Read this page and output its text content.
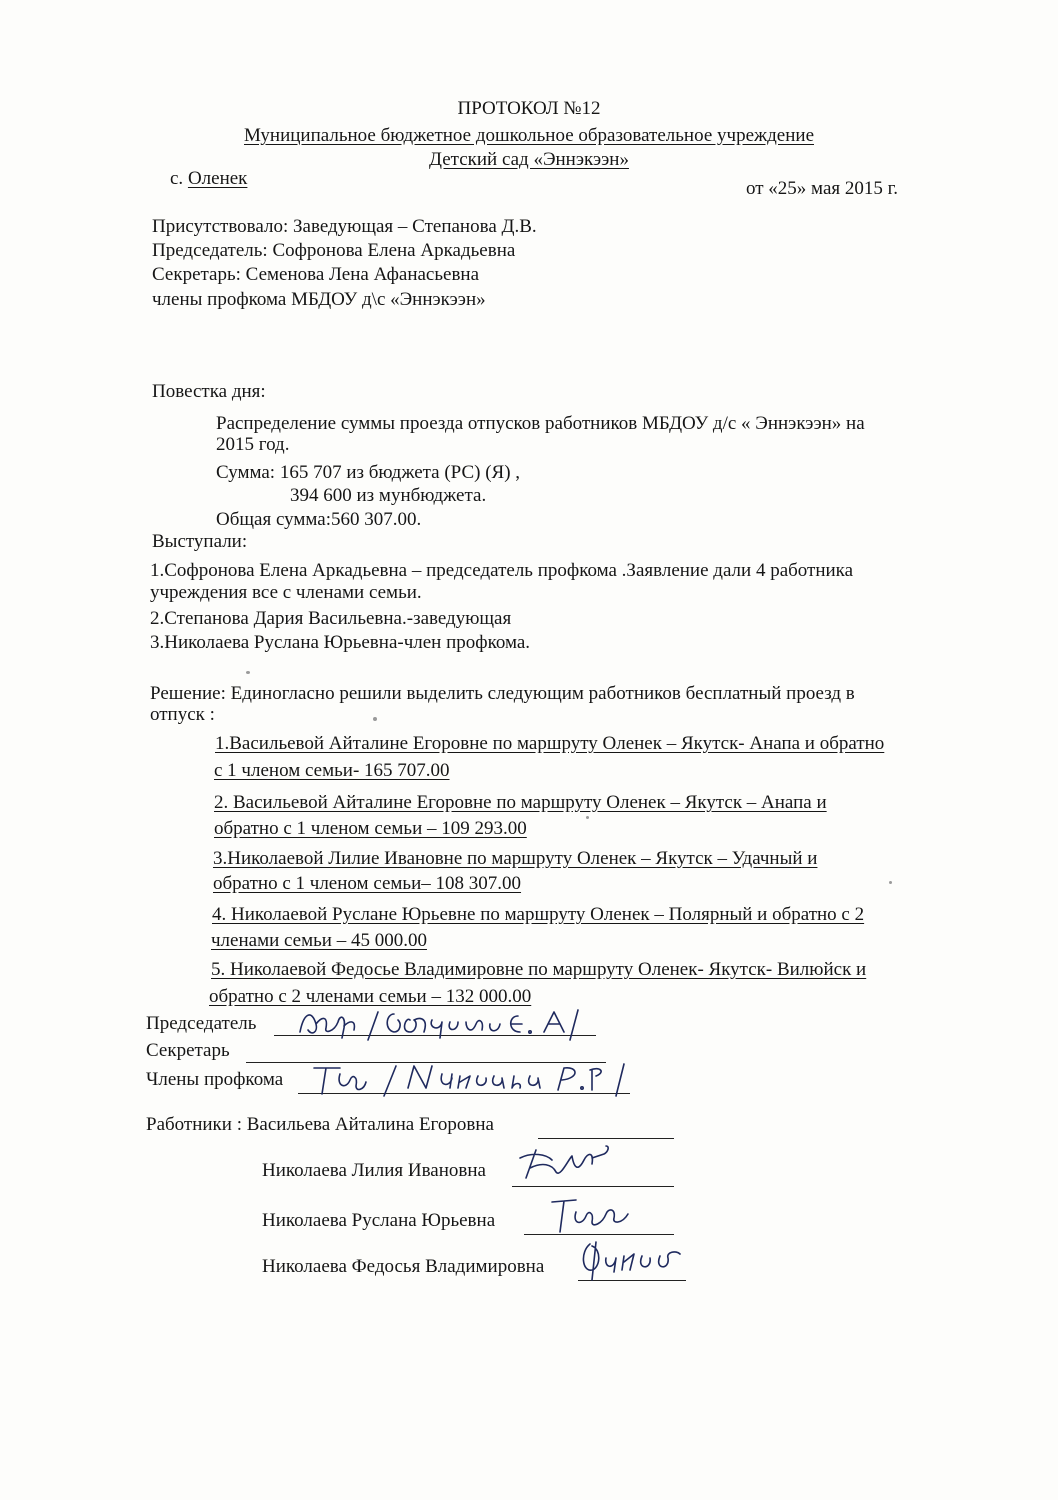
ПРОТОКОЛ №12
Муниципальное бюджетное дошкольное образовательное учреждение
Детский сад «Эннэкээн»
с. Оленек	от «25» мая 2015 г.
Присутствовало: Заведующая – Степанова Д.В.
Председатель: Софронова Елена Аркадьевна
Секретарь: Семенова Лена Афанасьевна
члены профкома МБДОУ д\с «Эннэкээн»
Повестка дня:
Распределение суммы проезда отпусков работников МБДОУ д/с « Эннэкээн» на
2015 год.
Сумма: 165 707 из бюджета (РС) (Я) ,
394 600 из мунбюджета.
Общая сумма:560 307.00.
Выступали:
1.Софронова Елена Аркадьевна – председатель профкома .Заявление дали 4 работника
учреждения все с членами семьи.
2.Степанова Дария Васильевна.-заведующая
3.Николаева Руслана Юрьевна-член профкома.
Решение: Единогласно решили выделить следующим работников бесплатный проезд в
отпуск :
1.Васильевой Айталине Егоровне по маршруту Оленек – Якутск- Анапа и обратно
с 1 членом семьи- 165 707.00
2. Васильевой Айталине Егоровне по маршруту Оленек – Якутск – Анапа и
обратно с 1 членом семьи – 109 293.00
3.Николаевой Лилие Ивановне по маршруту Оленек – Якутск – Удачный и
обратно с 1 членом семьи– 108 307.00
4. Николаевой Руслане Юрьевне по маршруту Оленек – Полярный и обратно с 2
членами семьи – 45 000.00
5. Николаевой Федосье Владимировне по маршруту Оленек- Якутск- Вилюйск и
обратно с 2 членами семьи – 132 000.00
Председатель
Секретарь
Члены профкома
Работники : Васильева Айталина Егоровна
Николаева Лилия Ивановна
Николаева Руслана Юрьевна
Николаева Федосья Владимировна
